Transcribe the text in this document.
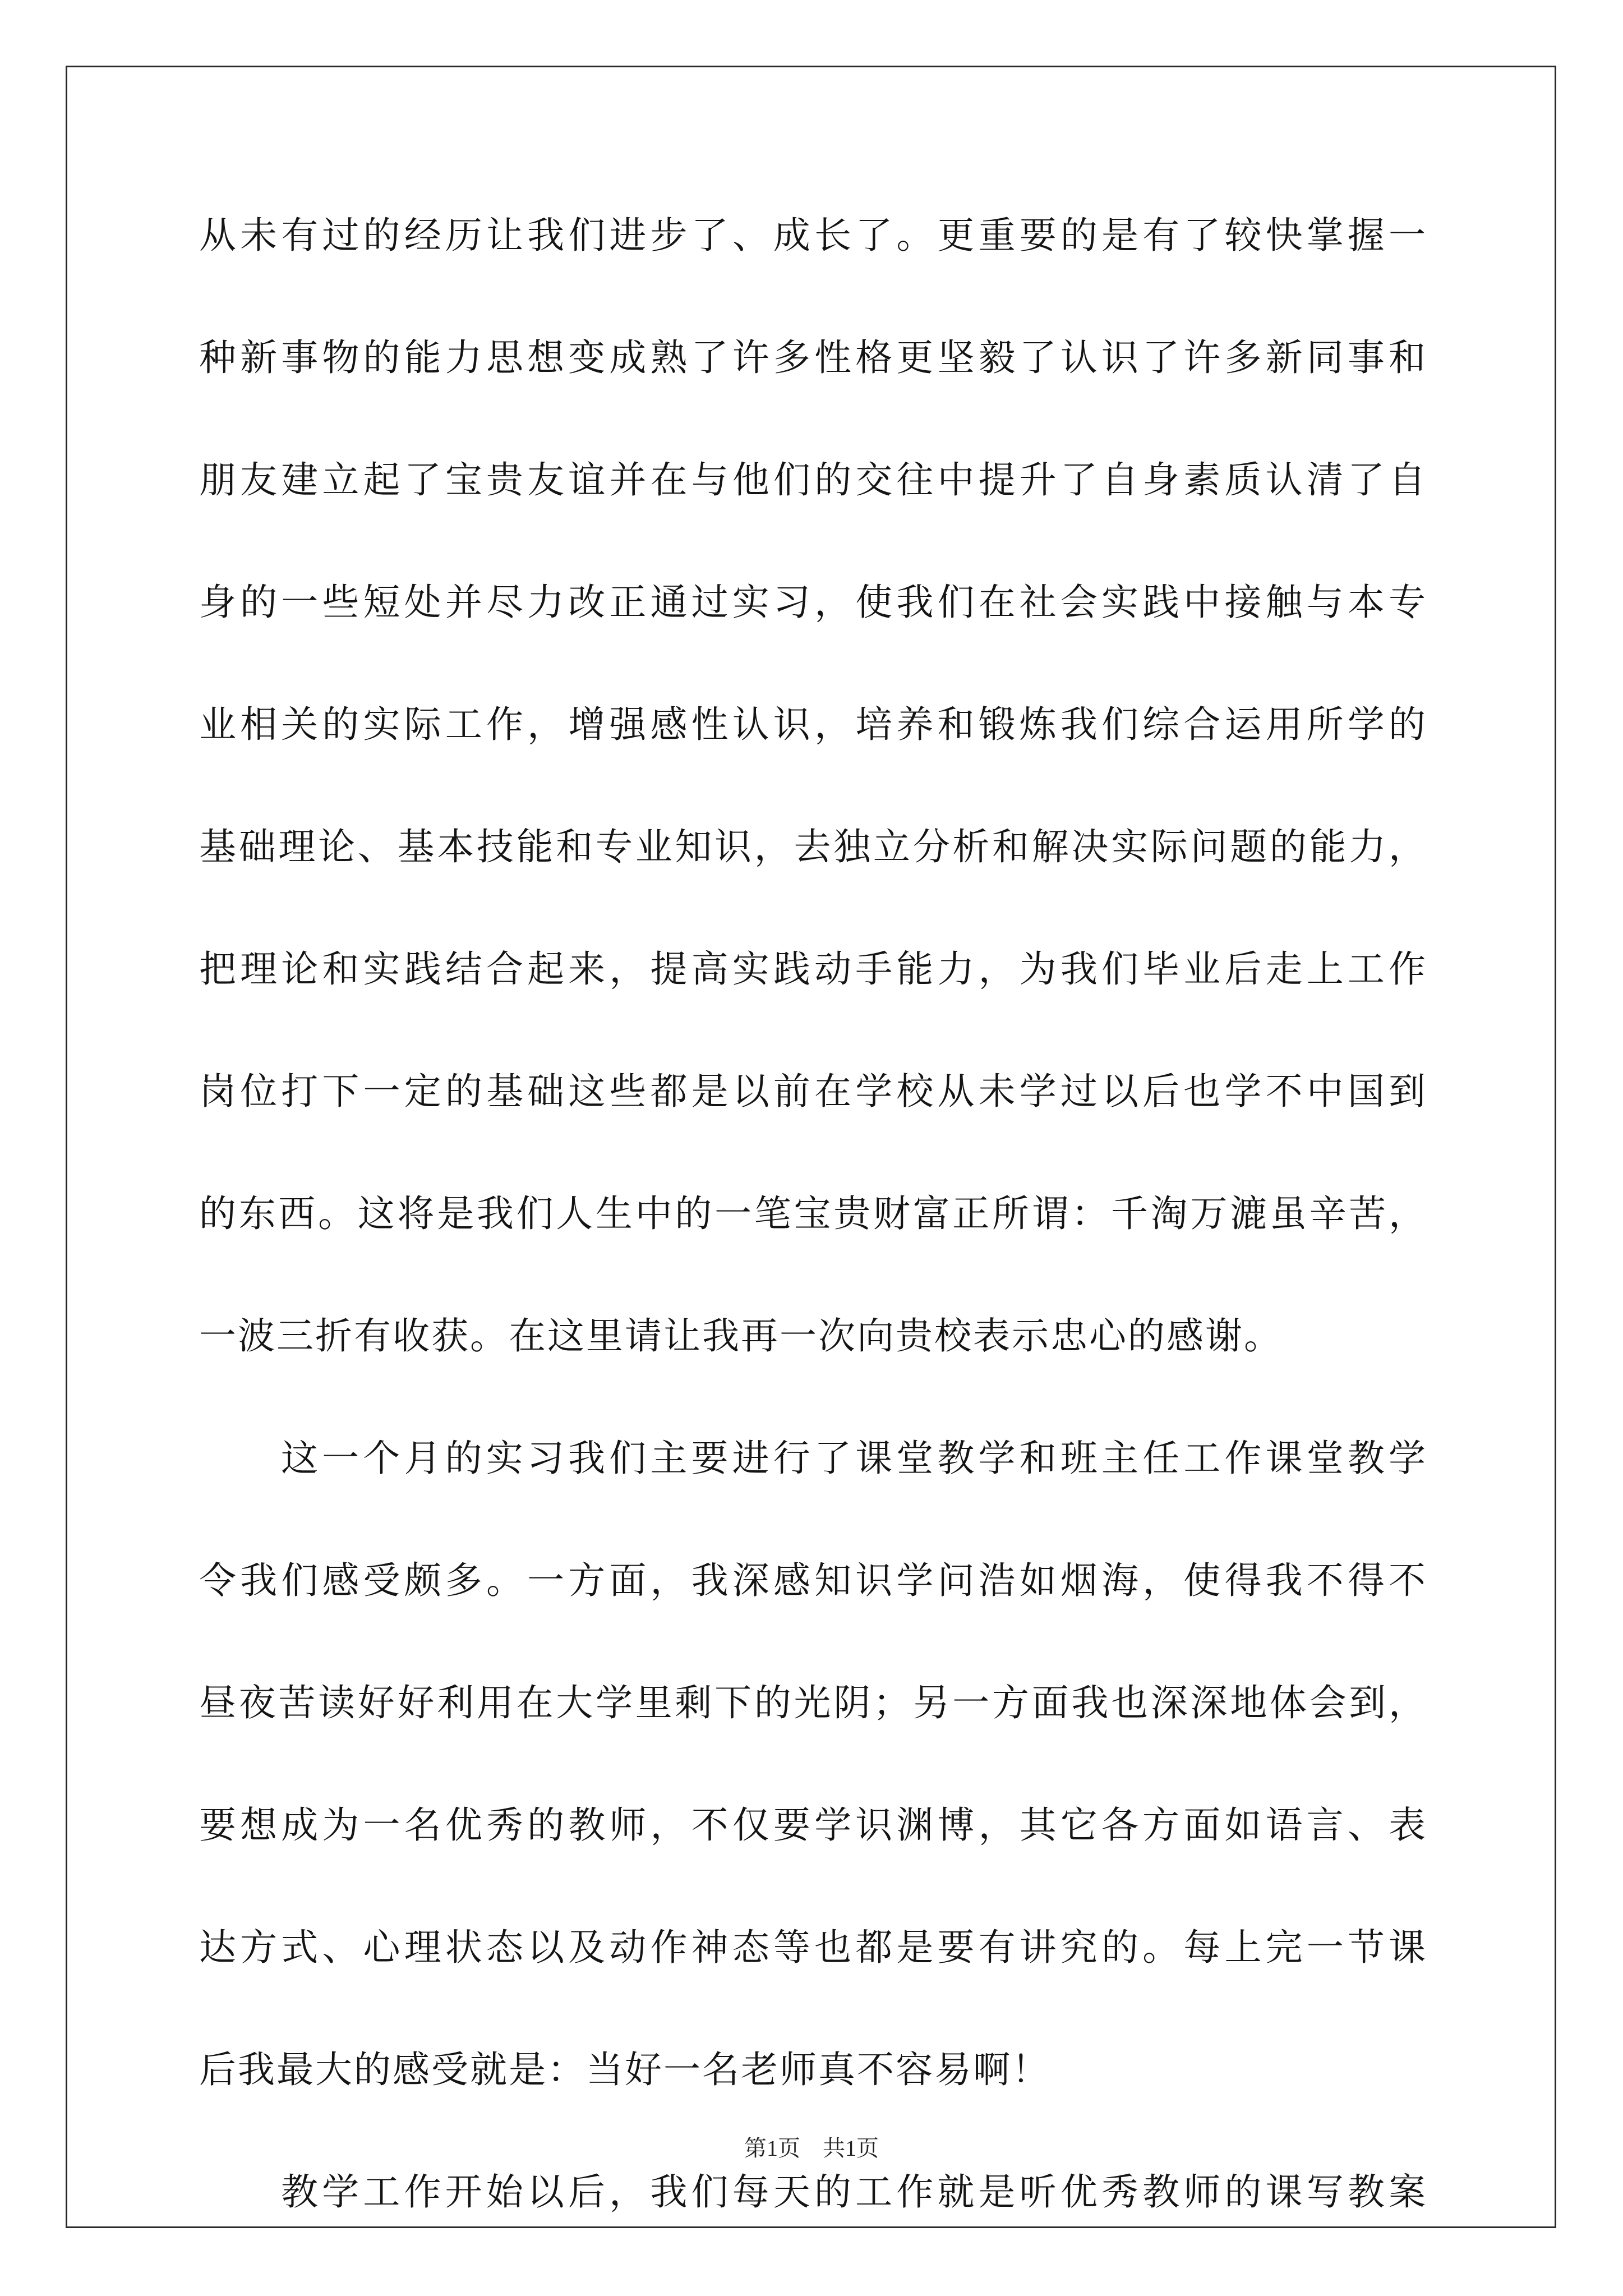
从未有过的经历让我们进步了、成长了。更重要的是有了较快掌握一
种新事物的能力思想变成熟了许多性格更坚毅了认识了许多新同事和
朋友建立起了宝贵友谊并在与他们的交往中提升了自身素质认清了自
身的一些短处并尽力改正通过实习，使我们在社会实践中接触与本专
业相关的实际工作，增强感性认识，培养和锻炼我们综合运用所学的
基础理论、基本技能和专业知识，去独立分析和解决实际问题的能力，
把理论和实践结合起来，提高实践动手能力，为我们毕业后走上工作
岗位打下一定的基础这些都是以前在学校从未学过以后也学不中国到
的东西。这将是我们人生中的一笔宝贵财富正所谓：千淘万漉虽辛苦，
一波三折有收获。在这里请让我再一次向贵校表示忠心的感谢。
这一个月的实习我们主要进行了课堂教学和班主任工作课堂教学
令我们感受颇多。一方面，我深感知识学问浩如烟海，使得我不得不
昼夜苦读好好利用在大学里剩下的光阴；另一方面我也深深地体会到，
要想成为一名优秀的教师，不仅要学识渊博，其它各方面如语言、表
达方式、心理状态以及动作神态等也都是要有讲究的。每上完一节课
后我最大的感受就是：当好一名老师真不容易啊！
教学工作开始以后，我们每天的工作就是听优秀教师的课写教案
第1页 共1页
